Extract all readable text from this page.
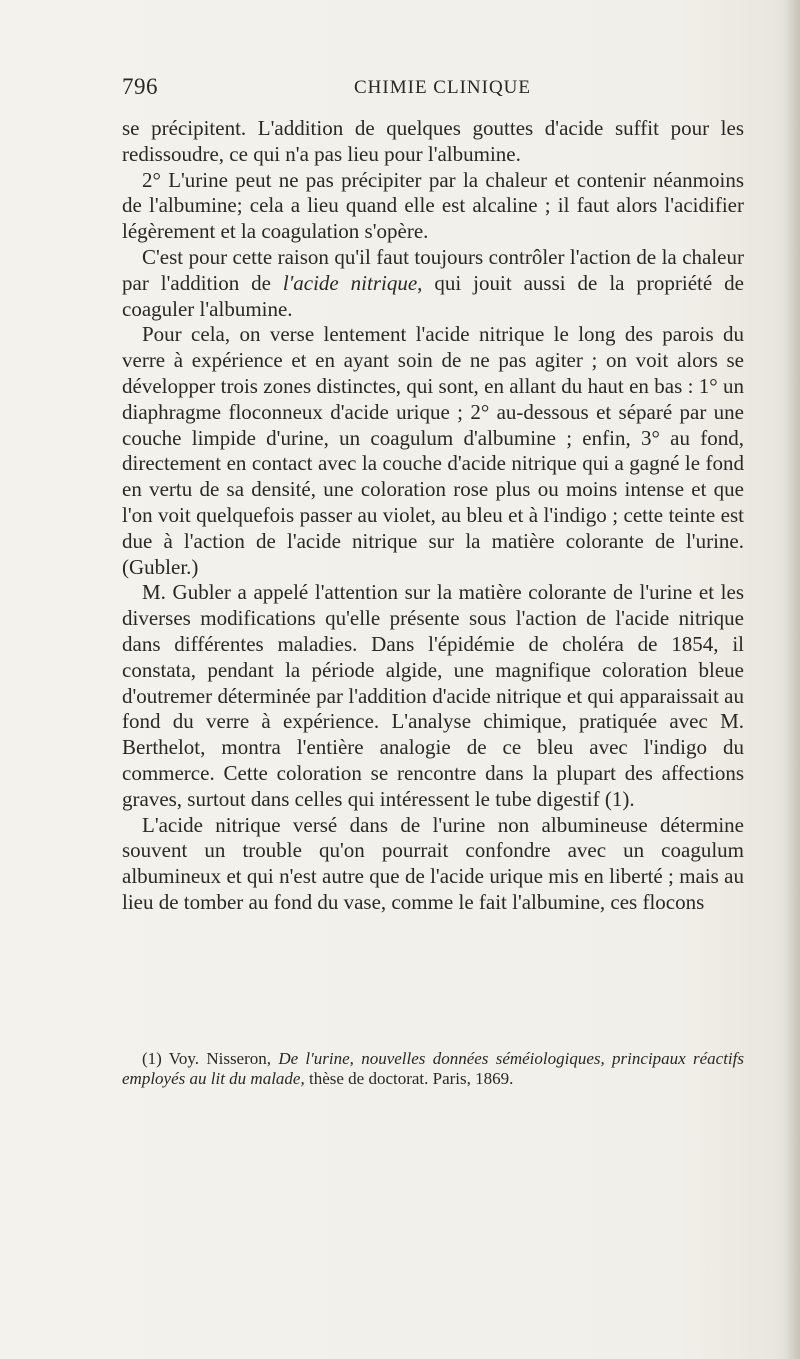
796	CHIMIE CLINIQUE

se précipitent. L'addition de quelques gouttes d'acide suffit pour les redissoudre, ce qui n'a pas lieu pour l'albumine.

2° L'urine peut ne pas précipiter par la chaleur et contenir néanmoins de l'albumine; cela a lieu quand elle est alcaline ; il faut alors l'acidifier légèrement et la coagulation s'opère.

C'est pour cette raison qu'il faut toujours contrôler l'action de la chaleur par l'addition de l'acide nitrique, qui jouit aussi de la propriété de coaguler l'albumine.

Pour cela, on verse lentement l'acide nitrique le long des parois du verre à expérience et en ayant soin de ne pas agiter ; on voit alors se développer trois zones distinctes, qui sont, en allant du haut en bas : 1° un diaphragme floconneux d'acide urique ; 2° au-dessous et séparé par une couche limpide d'urine, un coagulum d'albumine ; enfin, 3° au fond, directement en contact avec la couche d'acide nitrique qui a gagné le fond en vertu de sa densité, une coloration rose plus ou moins intense et que l'on voit quelquefois passer au violet, au bleu et à l'indigo ; cette teinte est due à l'action de l'acide nitrique sur la matière colorante de l'urine. (Gubler.)

M. Gubler a appelé l'attention sur la matière colorante de l'urine et les diverses modifications qu'elle présente sous l'action de l'acide nitrique dans différentes maladies. Dans l'épidémie de choléra de 1854, il constata, pendant la période algide, une magnifique coloration bleue d'outremer déterminée par l'addition d'acide nitrique et qui apparaissait au fond du verre à expérience. L'analyse chimique, pratiquée avec M. Berthelot, montra l'entière analogie de ce bleu avec l'indigo du commerce. Cette coloration se rencontre dans la plupart des affections graves, surtout dans celles qui intéressent le tube digestif (1).

L'acide nitrique versé dans de l'urine non albumineuse détermine souvent un trouble qu'on pourrait confondre avec un coagulum albumineux et qui n'est autre que de l'acide urique mis en liberté ; mais au lieu de tomber au fond du vase, comme le fait l'albumine, ces flocons

(1) Voy. Nisseron, De l'urine, nouvelles données séméiologiques, principaux réactifs employés au lit du malade, thèse de doctorat. Paris, 1869.
